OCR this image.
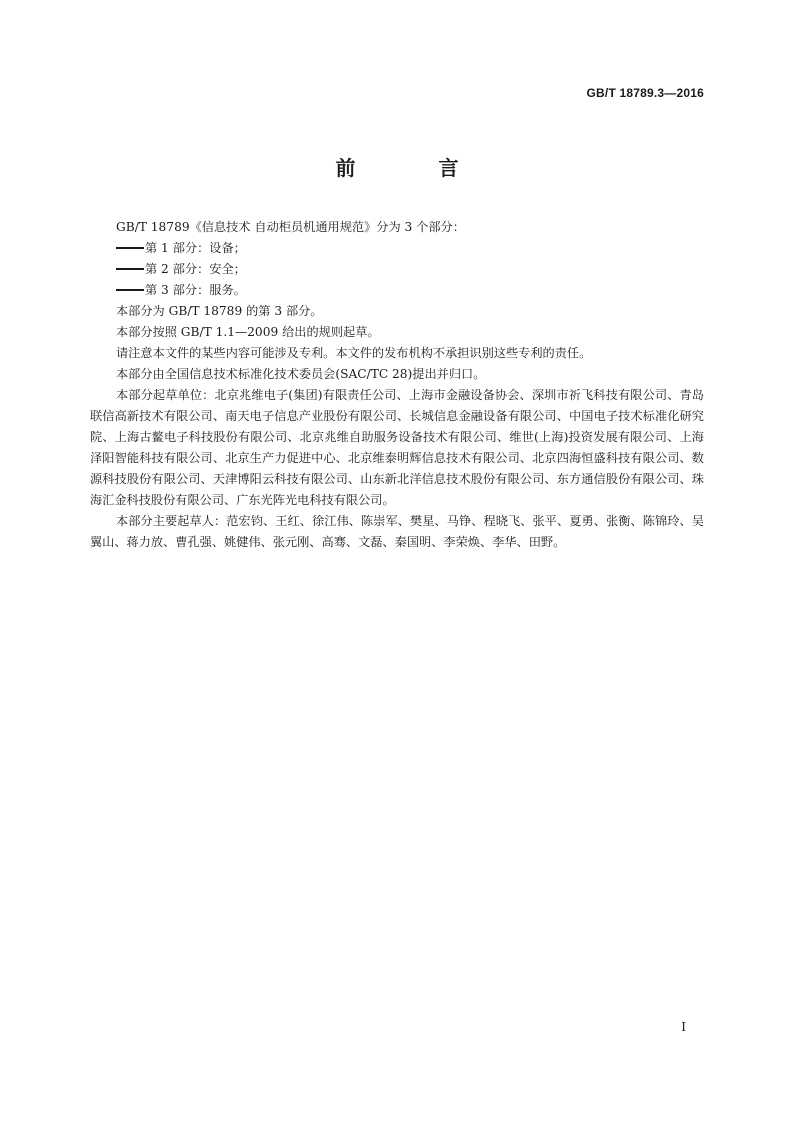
GB/T 18789.3—2016
前 言

GB/T 18789《信息技术 自动柜员机通用规范》分为 3 个部分：

第 1 部分：设备；

第 2 部分：安全；

第 3 部分：服务。

本部分为 GB/T 18789 的第 3 部分。

本部分按照 GB/T 1.1—2009 给出的规则起草。

请注意本文件的某些内容可能涉及专利。本文件的发布机构不承担识别这些专利的责任。

本部分由全国信息技术标准化技术委员会(SAC/TC 28)提出并归口。

本部分起草单位：北京兆维电子(集团)有限责任公司、上海市金融设备协会、深圳市祈飞科技有限公司、青岛联信高新技术有限公司、南天电子信息产业股份有限公司、长城信息金融设备有限公司、中国电子技术标准化研究院、上海古鳌电子科技股份有限公司、北京兆维自助服务设备技术有限公司、维世(上海)投资发展有限公司、上海泽阳智能科技有限公司、北京生产力促进中心、北京维泰明辉信息技术有限公司、北京四海恒盛科技有限公司、数源科技股份有限公司、天津博阳云科技有限公司、山东新北洋信息技术股份有限公司、东方通信股份有限公司、珠海汇金科技股份有限公司、广东光阵光电科技有限公司。

本部分主要起草人：范宏钧、王红、徐江伟、陈崇军、樊星、马铮、程晓飞、张平、夏勇、张衡、陈锦玲、吴翼山、蒋力放、曹孔强、姚健伟、张元刚、高骞、文磊、秦国明、李荣焕、李华、田野。

I
